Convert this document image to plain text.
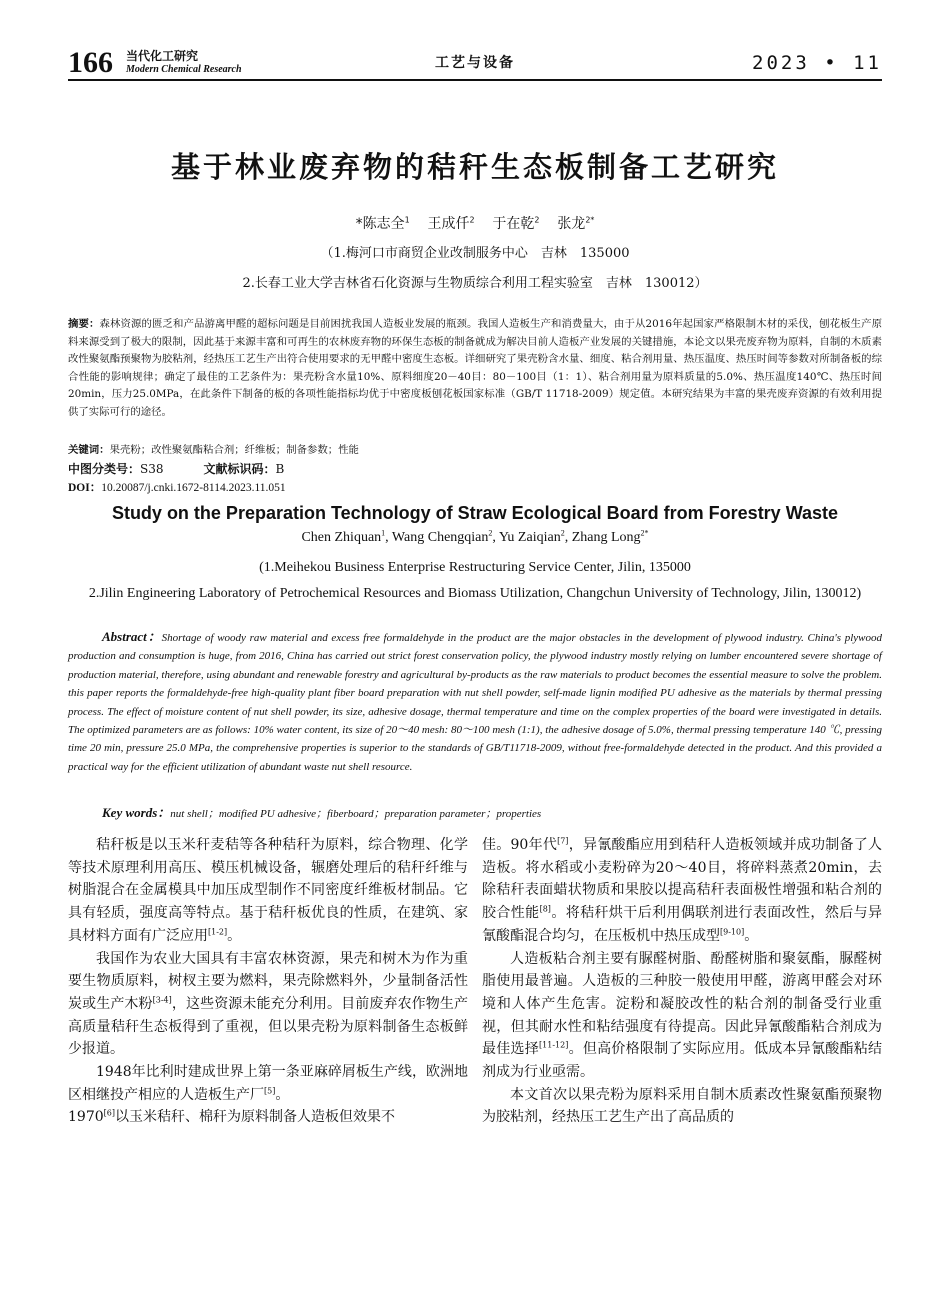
166 当代化工研究
Modern Chemical Research	工艺与设备	2023 • 11
基于林业废弃物的秸秆生态板制备工艺研究
*陈志全$^1$ 王成仟$^2$ 于在乾$^2$ 张龙$^{2*}$
（1.梅河口市商贸企业改制服务中心　吉林　135000
2.长春工业大学吉林省石化资源与生物质综合利用工程实验室　吉林　130012）
摘要：森林资源的匮乏和产品游离甲醛的超标问题是目前困扰我国人造板业发展的瓶颈。我国人造板生产和消费量大，由于从2016年起国家严格限制木材的采伐，刨花板生产原料来源受到了极大的限制，因此基于来源丰富和可再生的农林废弃物的环保生态板的制备就成为解决目前人造板产业发展的关键措施，本论文以果壳废弃物为原料，自制的木质素改性聚氨酯预聚物为胶粘剂，经热压工艺生产出符合使用要求的无甲醛中密度生态板。详细研究了果壳粉含水量、细度、粘合剂用量、热压温度、热压时间等参数对所制备板的综合性能的影响规律；确定了最佳的工艺条件为：果壳粉含水量10%、原料细度20－40目：80－100目（1：1）、粘合剂用量为原料质量的5.0%、热压温度140℃、热压时间20min，压力25.0MPa，在此条件下制备的板的各项性能指标均优于中密度板刨花板国家标准（GB/T 11718-2009）规定值。本研究结果为丰富的果壳废弃资源的有效利用提供了实际可行的途径。
关键词：果壳粉；改性聚氨酯粘合剂；纤维板；制备参数；性能
中图分类号：S38	文献标识码：B
DOI：10.20087/j.cnki.1672-8114.2023.11.051
Study on the Preparation Technology of Straw Ecological Board from Forestry Waste
Chen Zhiquan$^1$, Wang Chengqian$^2$, Yu Zaiqian$^2$, Zhang Long$^{2*}$
(1.Meihekou Business Enterprise Restructuring Service Center, Jilin, 135000
2.Jilin Engineering Laboratory of Petrochemical Resources and Biomass Utilization, Changchun University of Technology, Jilin, 130012)
Abstract：Shortage of woody raw material and excess free formaldehyde in the product are the major obstacles in the development of plywood industry. China's plywood production and consumption is huge, from 2016, China has carried out strict forest conservation policy, the plywood industry mostly relying on lumber encountered severe shortage of production material, therefore, using abundant and renewable forestry and agricultural by-products as the raw materials to product becomes the essential measure to solve the problem. this paper reports the formaldehyde-free high-quality plant fiber board preparation with nut shell powder, self-made lignin modified PU adhesive as the materials by thermal pressing process. The effect of moisture content of nut shell powder, its size, adhesive dosage, thermal temperature and time on the complex properties of the board were investigated in details. The optimized parameters are as follows: 10% water content, its size of 20～40 mesh: 80～100 mesh (1:1), the adhesive dosage of 5.0%, thermal pressing temperature 140 ℃, pressing time 20 min, pressure 25.0 MPa, the comprehensive properties is superior to the standards of GB/T11718-2009, without free-formaldehyde detected in the product. And this provided a practical way for the efficient utilization of abundant waste nut shell resource.
Key words：nut shell；modified PU adhesive；fiberboard；preparation parameter；properties

秸秆板是以玉米秆麦秸等各种秸秆为原料，综合物理、化学等技术原理利用高压、模压机械设备，辗磨处理后的秸秆纤维与树脂混合在金属模具中加压成型制作不同密度纤维板材制品。它具有轻质，强度高等特点。基于秸秆板优良的性质，在建筑、家具材料方面有广泛应用[1-2]。

我国作为农业大国具有丰富农林资源，果壳和树木为作为重要生物质原料，树杈主要为燃料，果壳除燃料外，少量制备活性炭或生产木粉[3-4]，这些资源未能充分利用。目前废弃农作物生产高质量秸秆生态板得到了重视，但以果壳粉为原料制备生态板鲜少报道。

1948年比利时建成世界上第一条亚麻碎屑板生产线，欧洲地区相继投产相应的人造板生产厂[5]。

1970[6]以玉米秸秆、棉秆为原料制备人造板但效果不

佳。90年代[7]，异氰酸酯应用到秸秆人造板领域并成功制备了人造板。将水稻或小麦粉碎为20～40目，将碎料蒸煮20min，去除秸秆表面蜡状物质和果胶以提高秸秆表面极性增强和粘合剂的胶合性能[8]。将秸秆烘干后利用偶联剂进行表面改性，然后与异氰酸酯混合均匀，在压板机中热压成型[9-10]。

人造板粘合剂主要有脲醛树脂、酚醛树脂和聚氨酯，脲醛树脂使用最普遍。人造板的三种胶一般使用甲醛，游离甲醛会对环境和人体产生危害。淀粉和凝胶改性的粘合剂的制备受行业重视，但其耐水性和粘结强度有待提高。因此异氰酸酯粘合剂成为最佳选择[11-12]。但高价格限制了实际应用。低成本异氰酸酯粘结剂成为行业亟需。

本文首次以果壳粉为原料采用自制木质素改性聚氨酯预聚物为胶粘剂，经热压工艺生产出了高品质的
